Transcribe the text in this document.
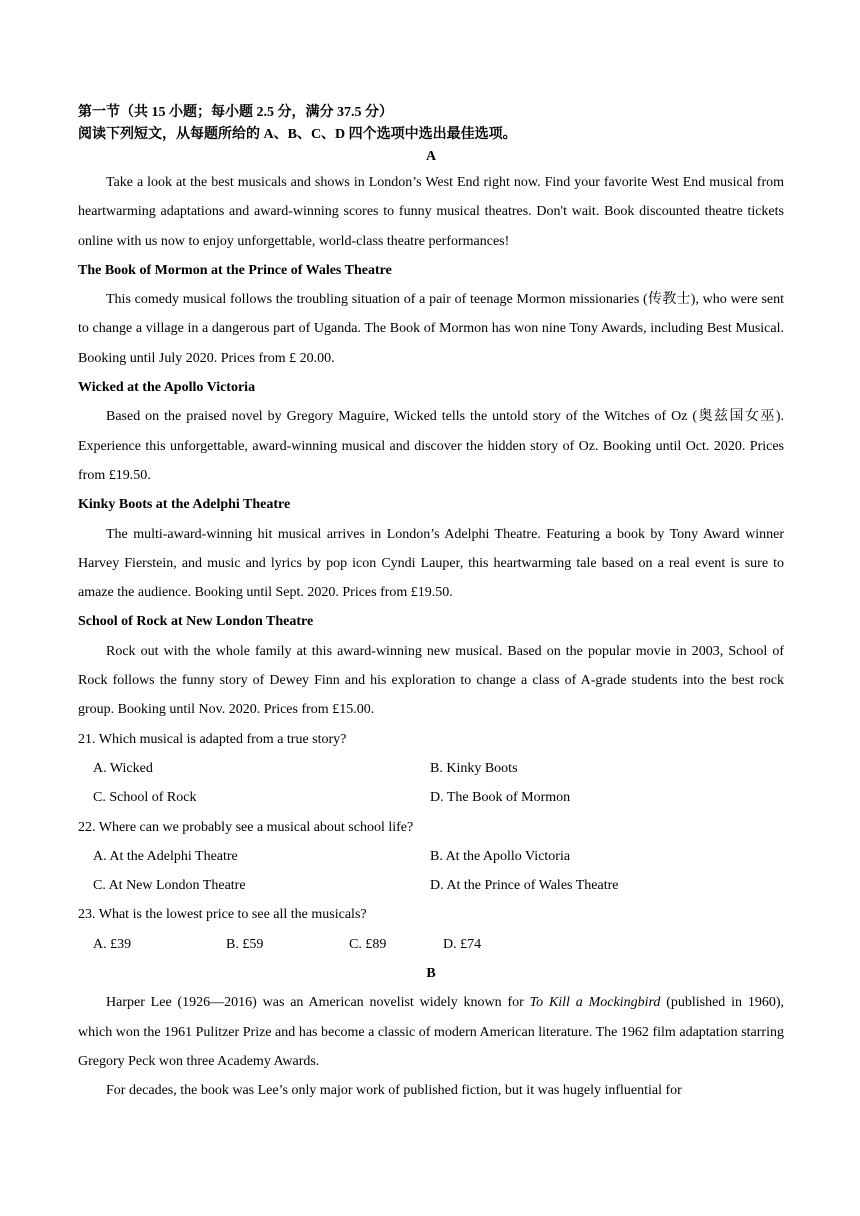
第一节（共 15 小题；每小题 2.5 分，满分 37.5 分）

阅读下列短文，从每题所给的 A、B、C、D 四个选项中选出最佳选项。

A

Take a look at the best musicals and shows in London’s West End right now. Find your favorite West End musical from heartwarming adaptations and award-winning scores to funny musical theatres. Don't wait. Book discounted theatre tickets online with us now to enjoy unforgettable, world-class theatre performances!

The Book of Mormon at the Prince of Wales Theatre

This comedy musical follows the troubling situation of a pair of teenage Mormon missionaries (传教士), who were sent to change a village in a dangerous part of Uganda. The Book of Mormon has won nine Tony Awards, including Best Musical. Booking until July 2020. Prices from £ 20.00.

Wicked at the Apollo Victoria

Based on the praised novel by Gregory Maguire, Wicked tells the untold story of the Witches of Oz (奥兹国女巫). Experience this unforgettable, award-winning musical and discover the hidden story of Oz. Booking until Oct. 2020. Prices from £19.50.

Kinky Boots at the Adelphi Theatre

The multi-award-winning hit musical arrives in London’s Adelphi Theatre. Featuring a book by Tony Award winner Harvey Fierstein, and music and lyrics by pop icon Cyndi Lauper, this heartwarming tale based on a real event is sure to amaze the audience. Booking until Sept. 2020. Prices from £19.50.

School of Rock at New London Theatre

Rock out with the whole family at this award-winning new musical. Based on the popular movie in 2003, School of Rock follows the funny story of Dewey Finn and his exploration to change a class of A-grade students into the best rock group. Booking until Nov. 2020. Prices from £15.00.

21. Which musical is adapted from a true story?

A. Wicked	B. Kinky Boots
C. School of Rock	D. The Book of Mormon

22. Where can we probably see a musical about school life?

A. At the Adelphi Theatre	B. At the Apollo Victoria
C. At New London Theatre	D. At the Prince of Wales Theatre

23. What is the lowest price to see all the musicals?

A. £39	B. £59	C. £89	D. £74

B

Harper Lee (1926—2016) was an American novelist widely known for To Kill a Mockingbird (published in 1960), which won the 1961 Pulitzer Prize and has become a classic of modern American literature. The 1962 film adaptation starring Gregory Peck won three Academy Awards.

For decades, the book was Lee’s only major work of published fiction, but it was hugely influential for
